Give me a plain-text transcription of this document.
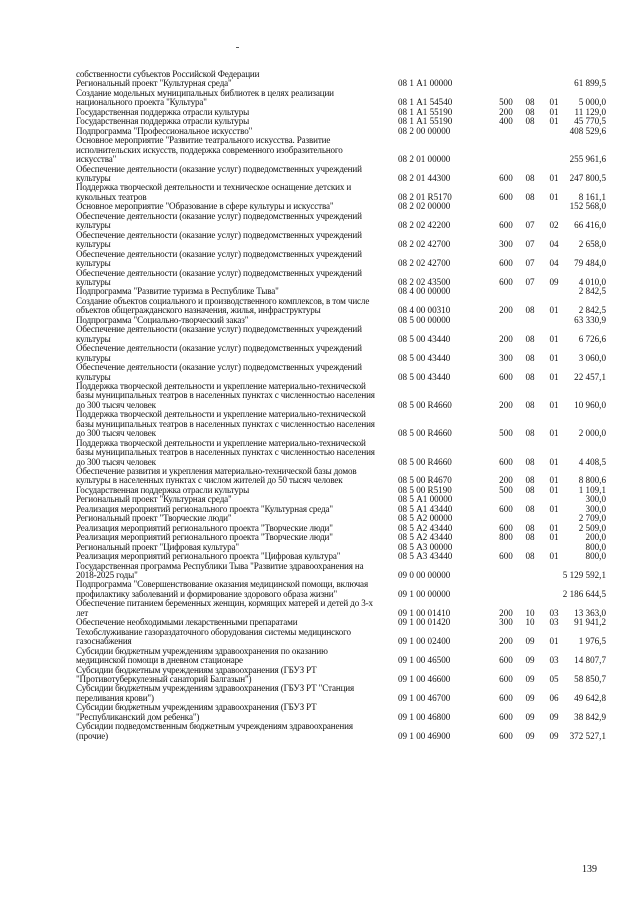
собственности субъектов Российской Федерации
Региональный проект "Культурная среда"	08 1 А1 00000	61 899,5
Создание модельных муниципальных библиотек в целях реализации
национального проекта "Культура"	08 1 А1 54540	500	08	01	5 000,0
Государственная поддержка отрасли культуры	08 1 А1 55190	200	08	01	11 129,0
Государственная поддержка отрасли культуры	08 1 А1 55190	400	08	01	45 770,5
Подпрограмма "Профессиональное искусство"	08 2 00 00000	408 529,6
Основное мероприятие "Развитие театрального искусства. Развитие
исполнительских искусств, поддержка современного изобразительного
искусства"	08 2 01 00000	255 961,6
Обеспечение деятельности (оказание услуг) подведомственных учреждений
культуры	08 2 01 44300	600	08	01	247 800,5
Поддержка творческой деятельности и техническое оснащение детских и
кукольных театров	08 2 01 R5170	600	08	01	8 161,1
Основное мероприятие "Образование в сфере культуры и искусства"	08 2 02 00000	152 568,0
Обеспечение деятельности (оказание услуг) подведомственных учреждений
культуры	08 2 02 42200	600	07	02	66 416,0
Обеспечение деятельности (оказание услуг) подведомственных учреждений
культуры	08 2 02 42700	300	07	04	2 658,0
Обеспечение деятельности (оказание услуг) подведомственных учреждений
культуры	08 2 02 42700	600	07	04	79 484,0
Обеспечение деятельности (оказание услуг) подведомственных учреждений
культуры	08 2 02 43500	600	07	09	4 010,0
Подпрограмма "Развитие туризма в Республике Тыва"	08 4 00 00000	2 842,5
Создание объектов социального и производственного комплексов, в том числе
объектов общегражданского назначения, жилья, инфраструктуры	08 4 00 00310	200	08	01	2 842,5
Подпрограмма "Социально-творческий заказ"	08 5 00 00000	63 330,9
Обеспечение деятельности (оказание услуг) подведомственных учреждений
культуры	08 5 00 43440	200	08	01	6 726,6
Обеспечение деятельности (оказание услуг) подведомственных учреждений
культуры	08 5 00 43440	300	08	01	3 060,0
Обеспечение деятельности (оказание услуг) подведомственных учреждений
культуры	08 5 00 43440	600	08	01	22 457,1
Поддержка творческой деятельности и укрепление материально-технической
базы муниципальных театров в населенных пунктах с численностью населения
до 300 тысяч человек	08 5 00 R4660	200	08	01	10 960,0
Поддержка творческой деятельности и укрепление материально-технической
базы муниципальных театров в населенных пунктах с численностью населения
до 300 тысяч человек	08 5 00 R4660	500	08	01	2 000,0
Поддержка творческой деятельности и укрепление материально-технической
базы муниципальных театров в населенных пунктах с численностью населения
до 300 тысяч человек	08 5 00 R4660	600	08	01	4 408,5
Обеспечение развития и укрепления материально-технической базы домов
культуры в населенных пунктах с числом жителей до 50 тысяч человек	08 5 00 R4670	200	08	01	8 800,6
Государственная поддержка отрасли культуры	08 5 00 R5190	500	08	01	1 109,1
Региональный проект "Культурная среда"	08 5 А1 00000	300,0
Реализация мероприятий регионального проекта "Культурная среда"	08 5 А1 43440	600	08	01	300,0
Региональный проект "Творческие люди"	08 5 А2 00000	2 709,0
Реализация мероприятий регионального проекта "Творческие люди"	08 5 А2 43440	600	08	01	2 509,0
Реализация мероприятий регионального проекта "Творческие люди"	08 5 А2 43440	800	08	01	200,0
Региональный проект "Цифровая культура"	08 5 А3 00000	800,0
Реализация мероприятий регионального проекта "Цифровая культура"	08 5 А3 43440	600	08	01	800,0
Государственная программа Республики Тыва "Развитие здравоохранения на
2018-2025 годы"	09 0 00 00000	5 129 592,1
Подпрограмма "Совершенствование оказания медицинской помощи, включая
профилактику заболеваний и формирование здорового образа жизни"	09 1 00 00000	2 186 644,5
Обеспечение питанием беременных женщин, кормящих матерей и детей до 3-х
лет	09 1 00 01410	200	10	03	13 363,0
Обеспечение необходимыми лекарственными препаратами	09 1 00 01420	300	10	03	91 941,2
Техобслуживание газораздаточного оборудования системы медицинского
газоснабжения	09 1 00 02400	200	09	01	1 976,5
Субсидии бюджетным учреждениям здравоохранения по оказанию
медицинской помощи в дневном стационаре	09 1 00 46500	600	09	03	14 807,7
Субсидии бюджетным учреждениям здравоохранения (ГБУЗ РТ
"Противотуберкулезный санаторий Балгазын")	09 1 00 46600	600	09	05	58 850,7
Субсидии бюджетным учреждениям здравоохранения (ГБУЗ РТ "Станция
переливания крови")	09 1 00 46700	600	09	06	49 642,8
Субсидии бюджетным учреждениям здравоохранения (ГБУЗ РТ
"Республиканский дом ребенка")	09 1 00 46800	600	09	09	38 842,9
Субсидии подведомственным бюджетным учреждениям здравоохранения
(прочие)	09 1 00 46900	600	09	09	372 527,1
139
